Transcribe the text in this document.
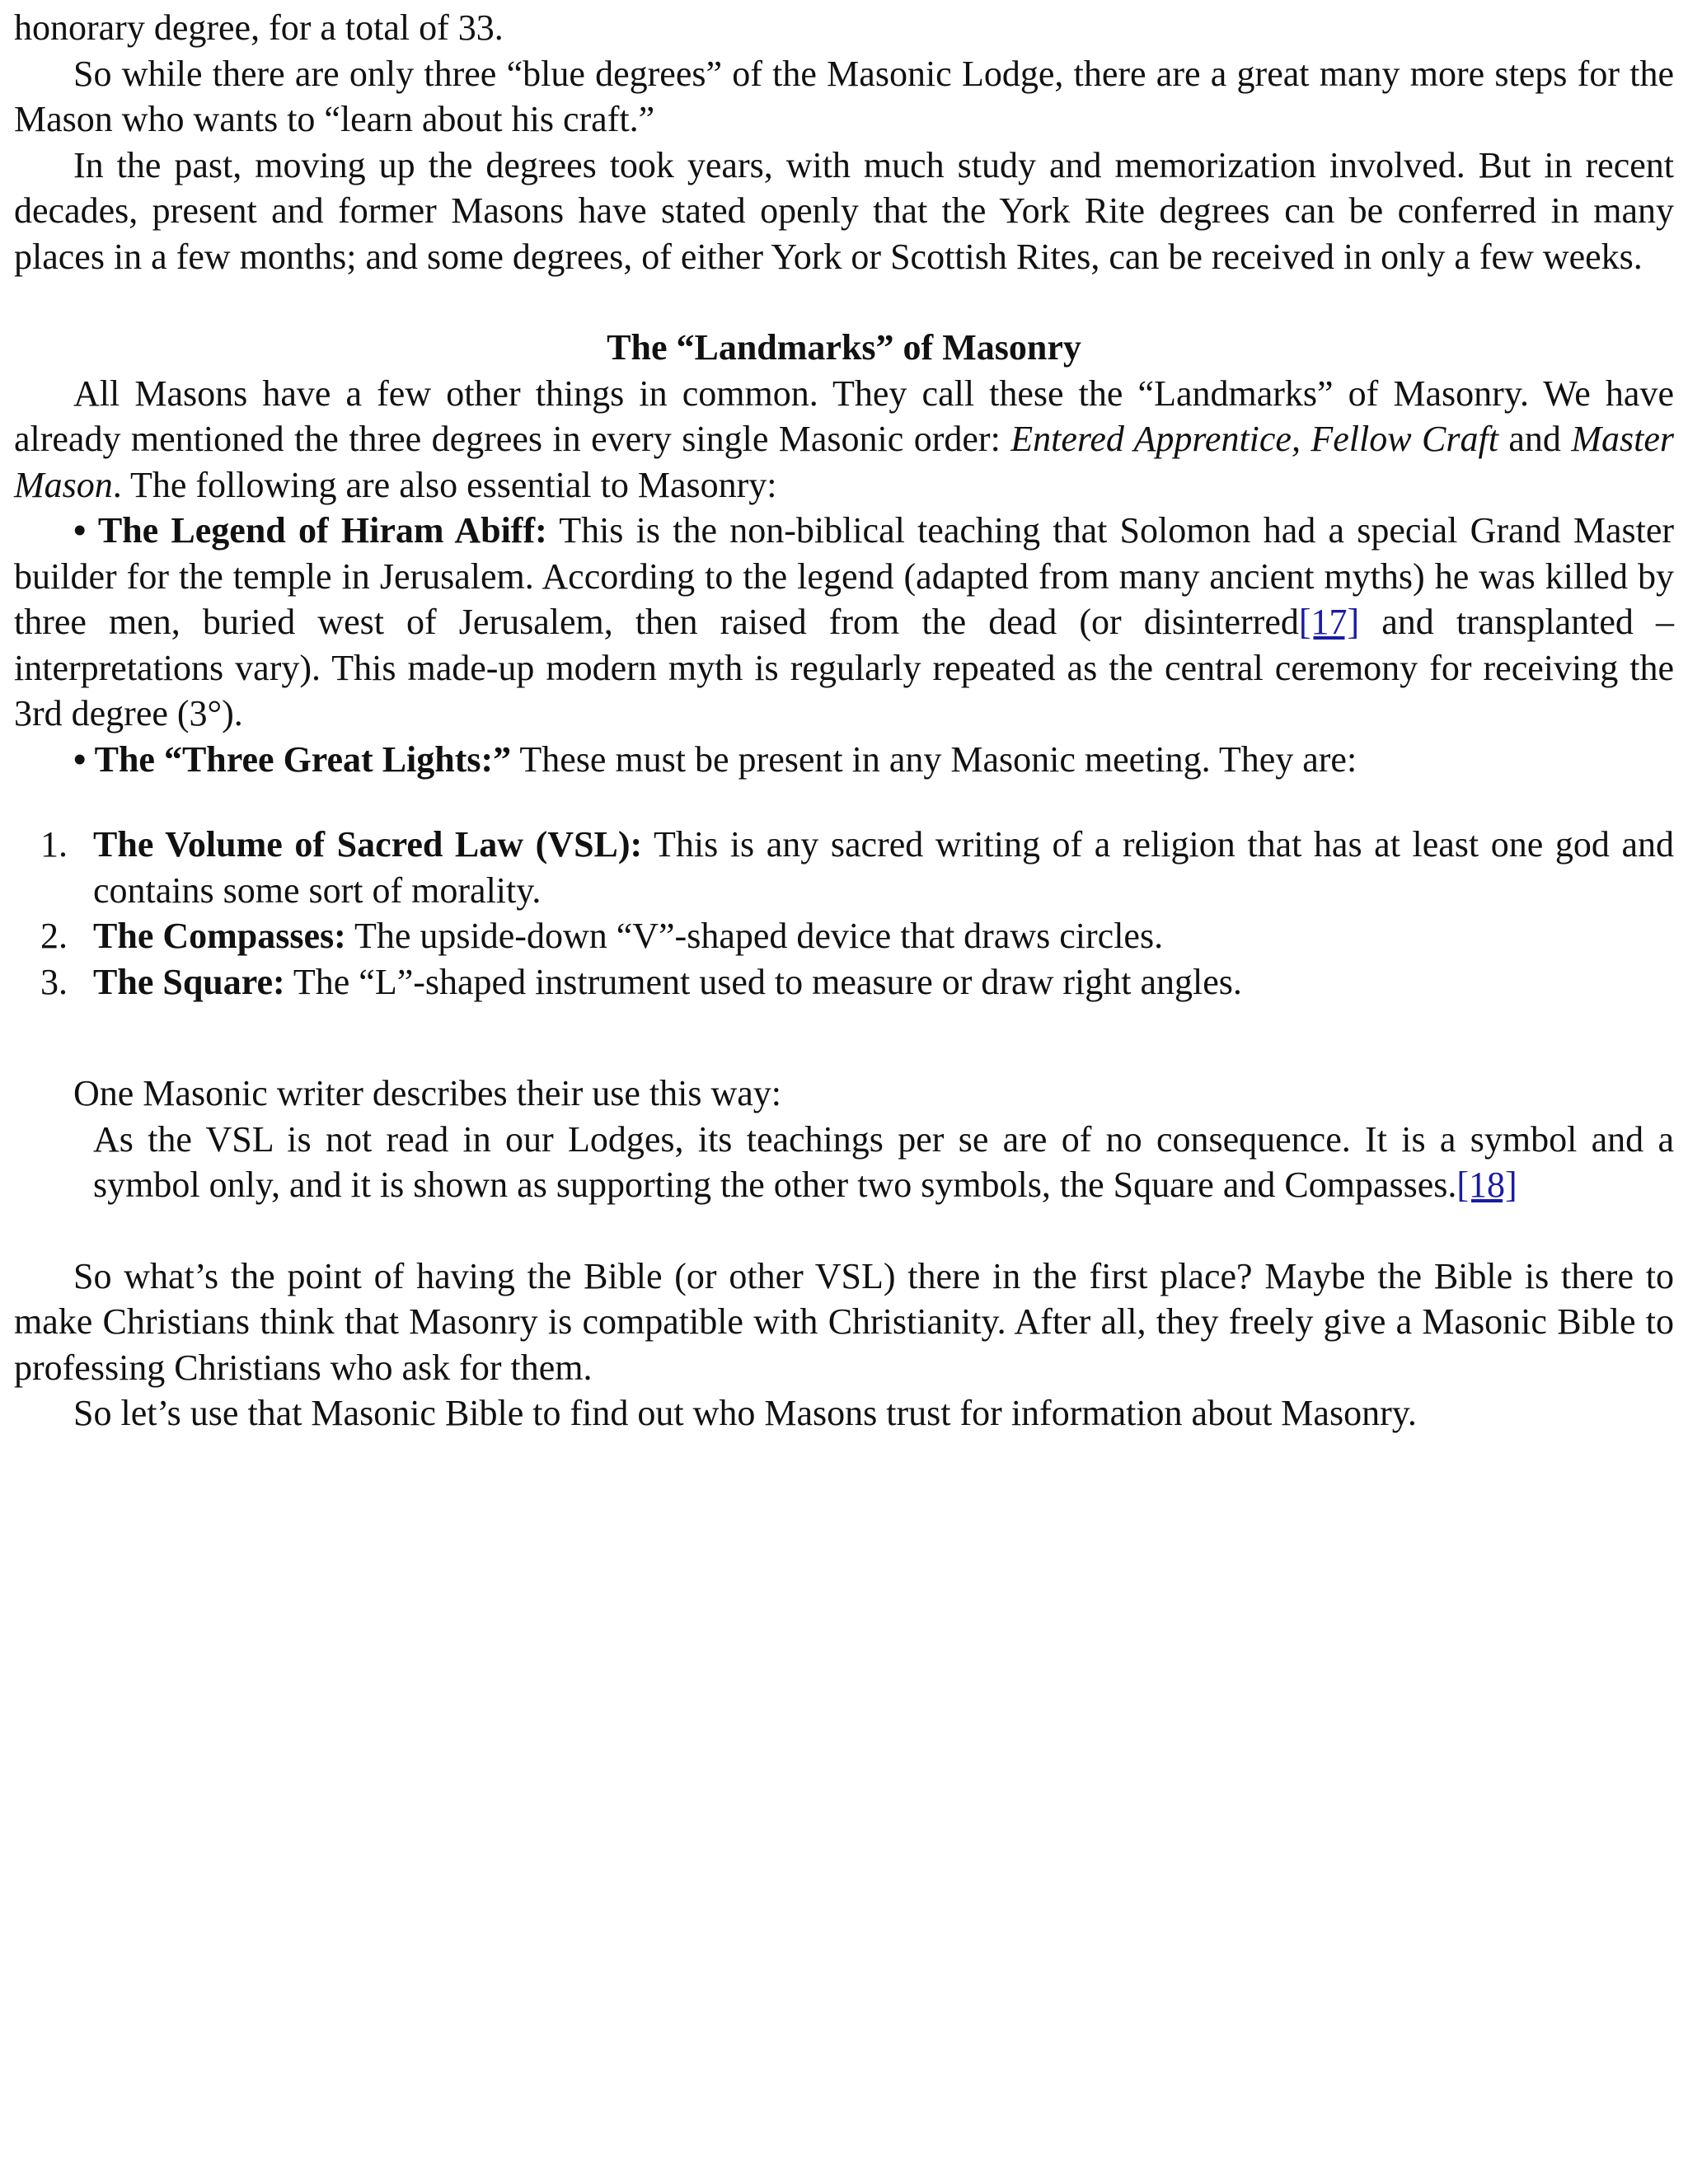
honorary degree, for a total of 33.

So while there are only three “blue degrees” of the Masonic Lodge, there are a great many more steps for the Mason who wants to “learn about his craft.”

In the past, moving up the degrees took years, with much study and memorization involved. But in recent decades, present and former Masons have stated openly that the York Rite degrees can be conferred in many places in a few months; and some degrees, of either York or Scottish Rites, can be received in only a few weeks.

The “Landmarks” of Masonry

All Masons have a few other things in common. They call these the “Landmarks” of Masonry. We have already mentioned the three degrees in every single Masonic order: Entered Apprentice, Fellow Craft and Master Mason. The following are also essential to Masonry:

• The Legend of Hiram Abiff: This is the non-biblical teaching that Solomon had a special Grand Master builder for the temple in Jerusalem. According to the legend (adapted from many ancient myths) he was killed by three men, buried west of Jerusalem, then raised from the dead (or disinterred[17] and transplanted – interpretations vary). This made-up modern myth is regularly repeated as the central ceremony for receiving the 3rd degree (3°).

• The “Three Great Lights:” These must be present in any Masonic meeting. They are:

1. The Volume of Sacred Law (VSL): This is any sacred writing of a religion that has at least one god and contains some sort of morality.
2. The Compasses: The upside-down “V”-shaped device that draws circles.
3. The Square: The “L”-shaped instrument used to measure or draw right angles.

One Masonic writer describes their use this way:

As the VSL is not read in our Lodges, its teachings per se are of no consequence. It is a symbol and a symbol only, and it is shown as supporting the other two symbols, the Square and Compasses.[18]

So what’s the point of having the Bible (or other VSL) there in the first place? Maybe the Bible is there to make Christians think that Masonry is compatible with Christianity. After all, they freely give a Masonic Bible to professing Christians who ask for them.

So let’s use that Masonic Bible to find out who Masons trust for information about Masonry.
